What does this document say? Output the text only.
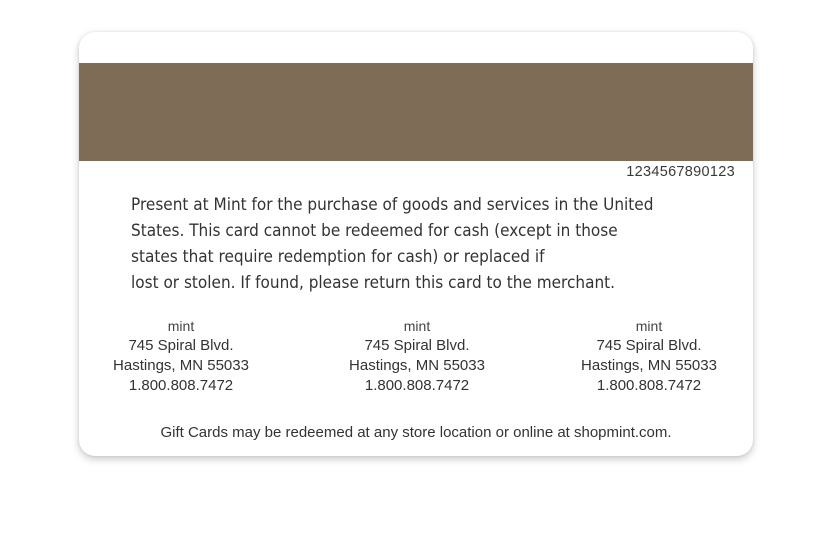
1234567890123
Present at Mint for the purchase of goods and services in the United
States. This card cannot be redeemed for cash (except in those
states that require redemption for cash) or replaced if
lost or stolen. If found, please return this card to the merchant.
mint
745 Spiral Blvd.
Hastings, MN 55033
1.800.808.7472
mint
745 Spiral Blvd.
Hastings, MN 55033
1.800.808.7472
mint
745 Spiral Blvd.
Hastings, MN 55033
1.800.808.7472
Gift Cards may be redeemed at any store location or online at shopmint.com.
